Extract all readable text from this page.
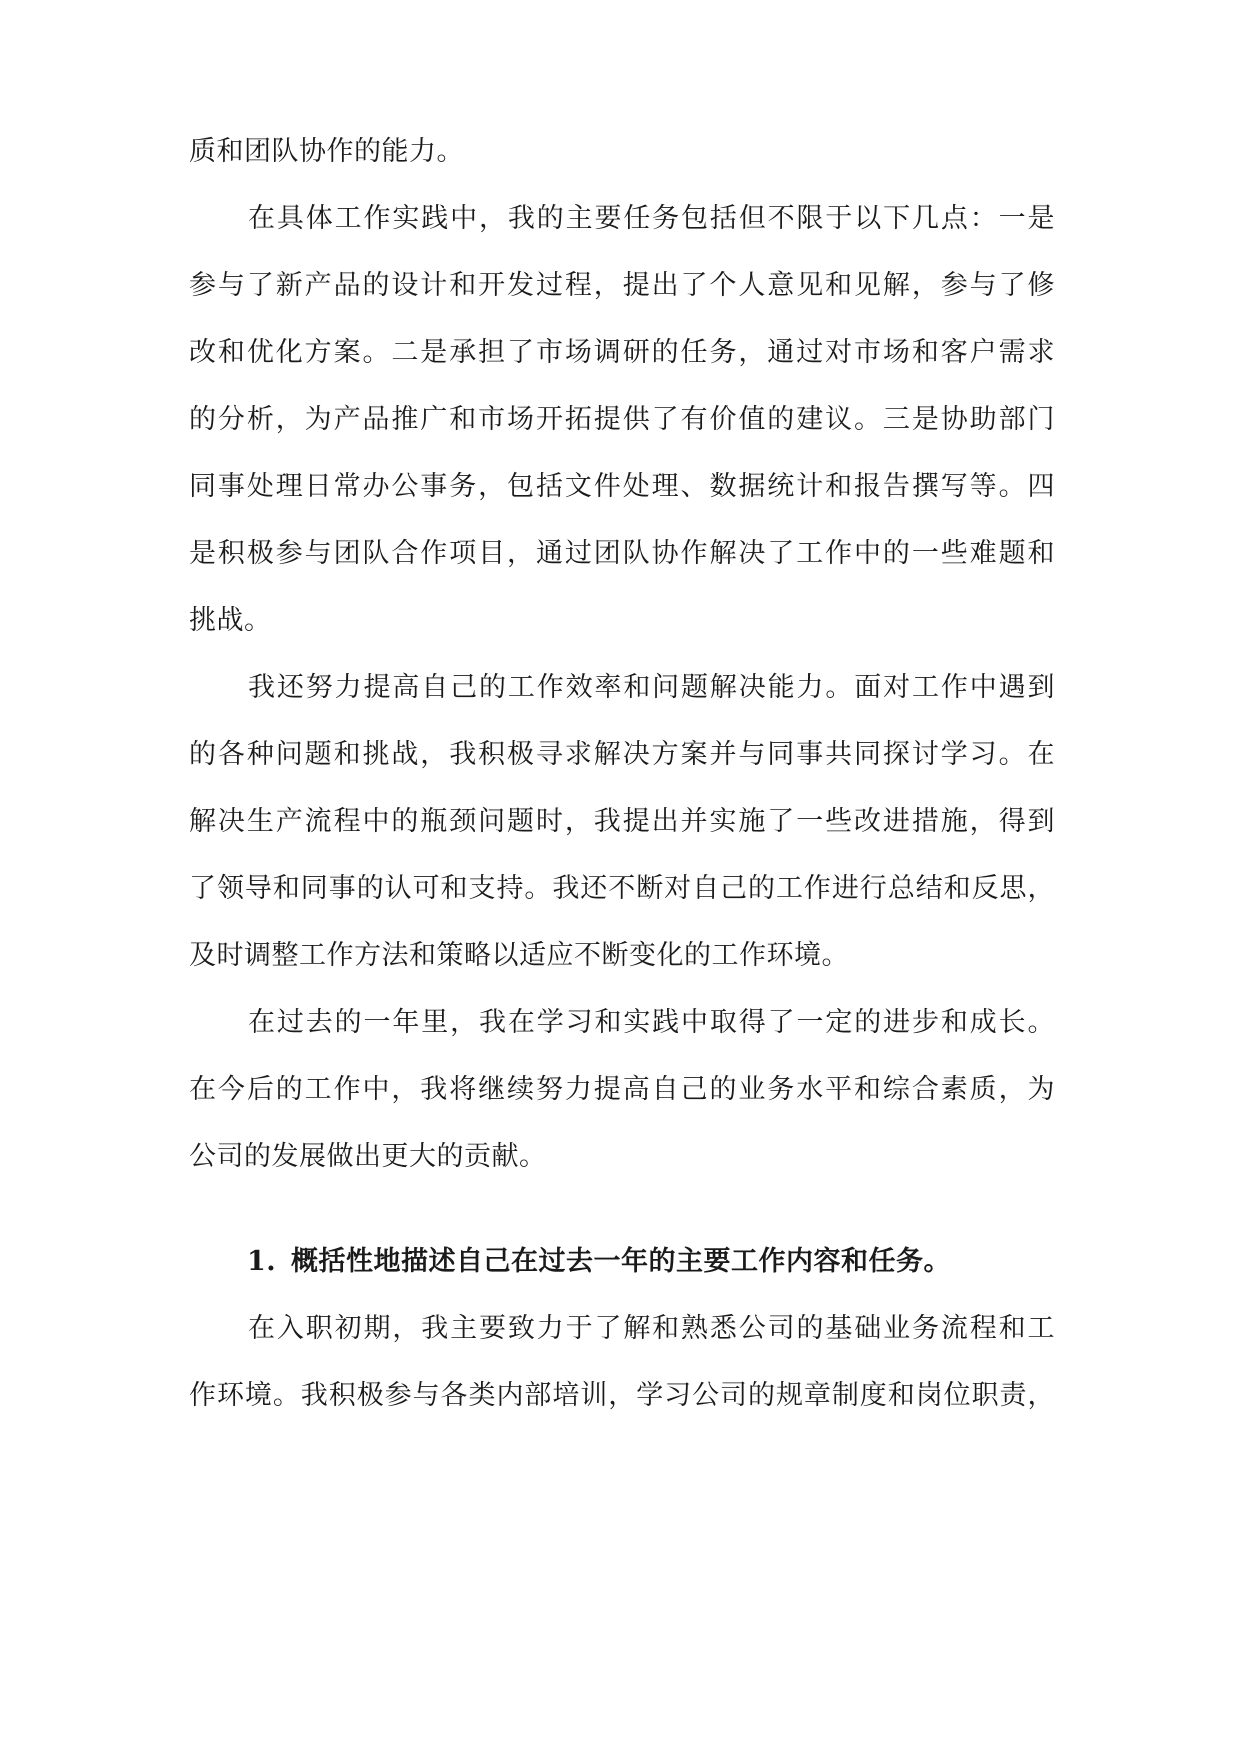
质和团队协作的能力。
在具体工作实践中，我的主要任务包括但不限于以下几点：一是
参与了新产品的设计和开发过程，提出了个人意见和见解，参与了修
改和优化方案。二是承担了市场调研的任务，通过对市场和客户需求
的分析，为产品推广和市场开拓提供了有价值的建议。三是协助部门
同事处理日常办公事务，包括文件处理、数据统计和报告撰写等。四
是积极参与团队合作项目，通过团队协作解决了工作中的一些难题和
挑战。
我还努力提高自己的工作效率和问题解决能力。面对工作中遇到
的各种问题和挑战，我积极寻求解决方案并与同事共同探讨学习。在
解决生产流程中的瓶颈问题时，我提出并实施了一些改进措施，得到
了领导和同事的认可和支持。我还不断对自己的工作进行总结和反思，
及时调整工作方法和策略以适应不断变化的工作环境。
在过去的一年里，我在学习和实践中取得了一定的进步和成长。
在今后的工作中，我将继续努力提高自己的业务水平和综合素质，为
公司的发展做出更大的贡献。
1. 概括性地描述自己在过去一年的主要工作内容和任务。
在入职初期，我主要致力于了解和熟悉公司的基础业务流程和工
作环境。我积极参与各类内部培训，学习公司的规章制度和岗位职责，
